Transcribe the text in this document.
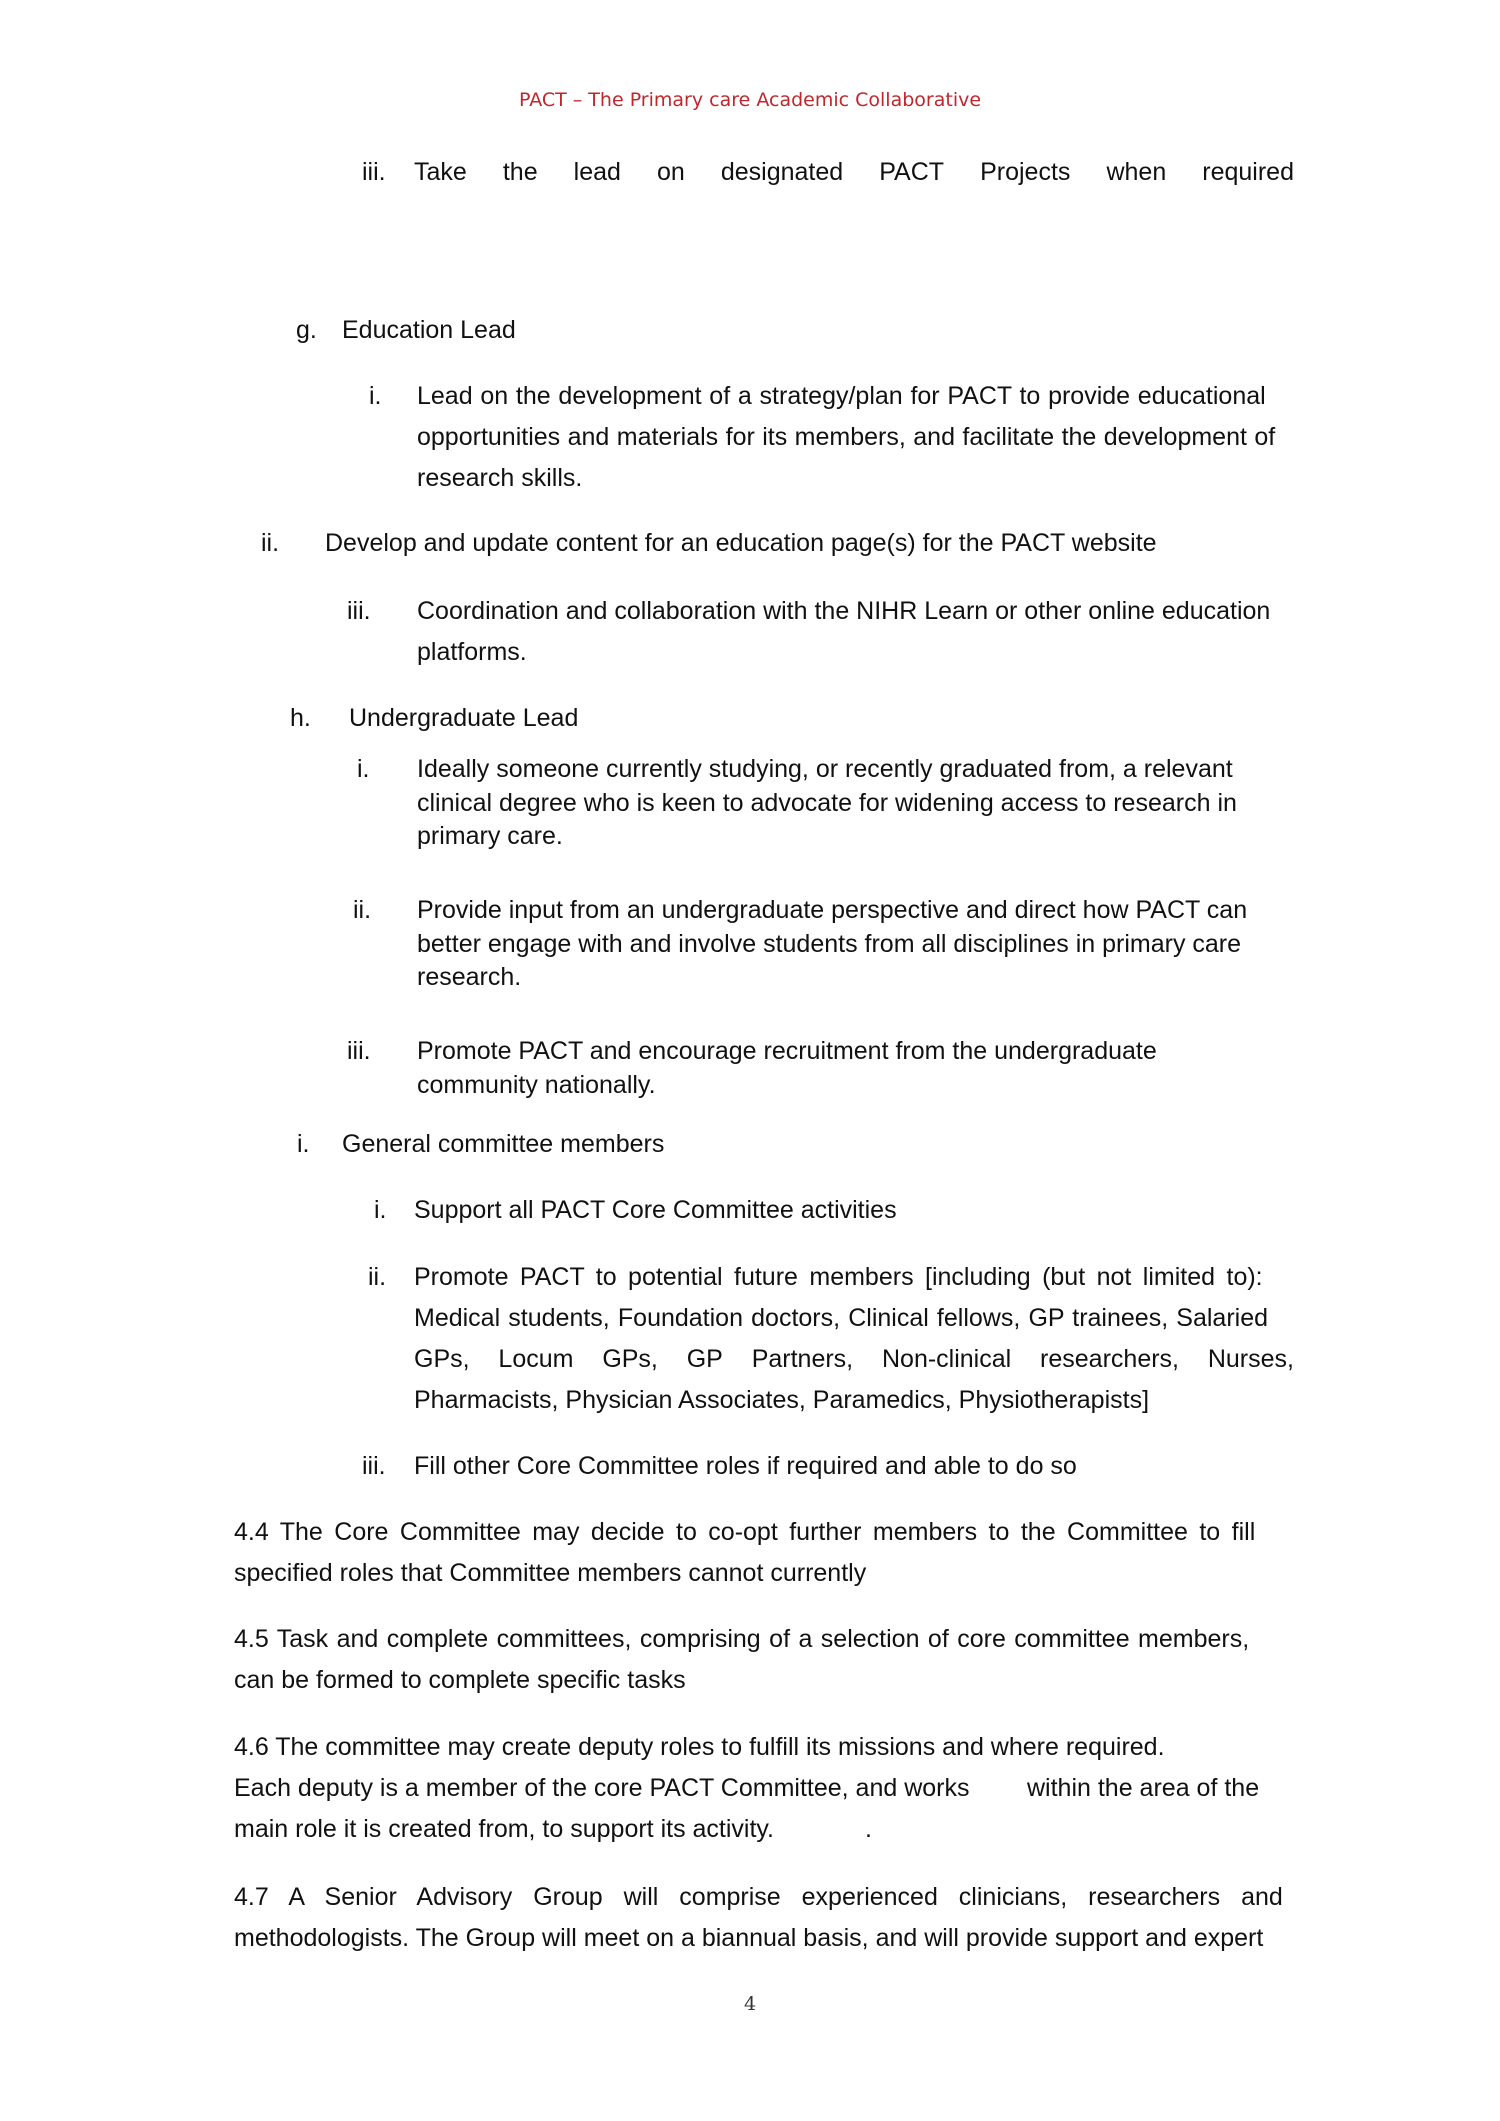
PACT – The Primary care Academic Collaborative
iii. Take the lead on designated PACT Projects when required
g. Education Lead
i. Lead on the development of a strategy/plan for PACT to provide educational
opportunities and materials for its members, and facilitate the development of
research skills.
ii. Develop and update content for an education page(s) for the PACT website
iii. Coordination and collaboration with the NIHR Learn or other online education
platforms.
h. Undergraduate Lead
i. Ideally someone currently studying, or recently graduated from, a relevant
clinical degree who is keen to advocate for widening access to research in
primary care.
ii. Provide input from an undergraduate perspective and direct how PACT can
better engage with and involve students from all disciplines in primary care
research.
iii. Promote PACT and encourage recruitment from the undergraduate
community nationally.
i. General committee members
i. Support all PACT Core Committee activities
ii. Promote PACT to potential future members [including (but not limited to):
Medical students, Foundation doctors, Clinical fellows, GP trainees, Salaried
GPs, Locum GPs, GP Partners, Non-clinical researchers, Nurses,
Pharmacists, Physician Associates, Paramedics, Physiotherapists]
iii. Fill other Core Committee roles if required and able to do so
4.4 The Core Committee may decide to co-opt further members to the Committee to fill
specified roles that Committee members cannot currently
4.5 Task and complete committees, comprising of a selection of core committee members,
can be formed to complete specific tasks
4.6 The committee may create deputy roles to fulfill its missions and where required.
Each deputy is a member of the core PACT Committee, and works within the area of the
main role it is created from, to support its activity.	.
4.7 A Senior Advisory Group will comprise experienced clinicians, researchers and
methodologists. The Group will meet on a biannual basis, and will provide support and expert
4
